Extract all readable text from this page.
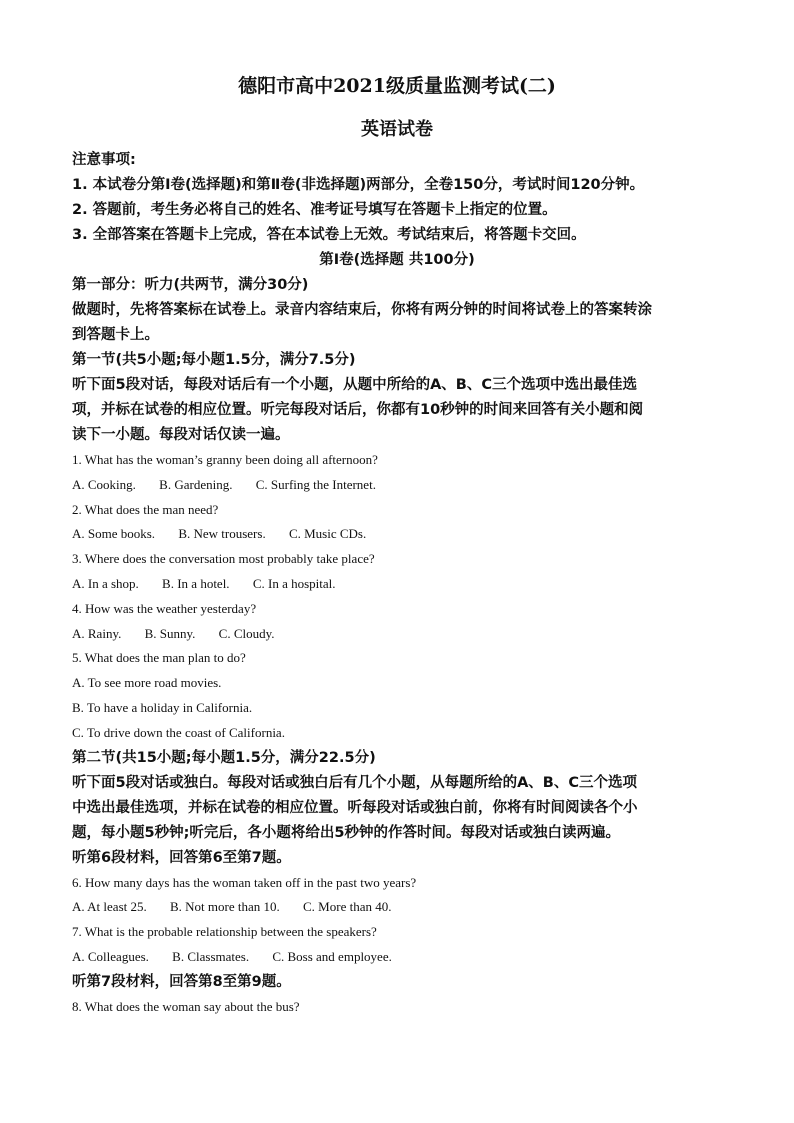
德阳市高中2021级质量监测考试(二)
英语试卷

注意事项:

1. 本试卷分第Ⅰ卷(选择题)和第Ⅱ卷(非选择题)两部分，全卷150分，考试时间120分钟。

2. 答题前，考生务必将自己的姓名、准考证号填写在答题卡上指定的位置。

3. 全部答案在答题卡上完成，答在本试卷上无效。考试结束后，将答题卡交回。

第Ⅰ卷(选择题 共100分)

第一部分：听力(共两节，满分30分)

做题时，先将答案标在试卷上。录音内容结束后，你将有两分钟的时间将试卷上的答案转涂

到答题卡上。

第一节(共5小题;每小题1.5分，满分7.5分)

听下面5段对话，每段对话后有一个小题，从题中所给的A、B、C三个选项中选出最佳选

项，并标在试卷的相应位置。听完每段对话后，你都有10秒钟的时间来回答有关小题和阅

读下一小题。每段对话仅读一遍。

1. What has the woman’s granny been doing all afternoon?

A. Cooking. B. Gardening. C. Surfing the Internet.

2. What does the man need?

A. Some books. B. New trousers. C. Music CDs.

3. Where does the conversation most probably take place?

A. In a shop. B. In a hotel. C. In a hospital.

4. How was the weather yesterday?

A. Rainy. B. Sunny. C. Cloudy.

5. What does the man plan to do?

A. To see more road movies.

B. To have a holiday in California.

C. To drive down the coast of California.

第二节(共15小题;每小题1.5分，满分22.5分)

听下面5段对话或独白。每段对话或独白后有几个小题，从每题所给的A、B、C三个选项

中选出最佳选项，并标在试卷的相应位置。听每段对话或独白前，你将有时间阅读各个小

题，每小题5秒钟;听完后，各小题将给出5秒钟的作答时间。每段对话或独白读两遍。

听第6段材料，回答第6至第7题。

6. How many days has the woman taken off in the past two years?

A. At least 25. B. Not more than 10. C. More than 40.

7. What is the probable relationship between the speakers?

A. Colleagues. B. Classmates. C. Boss and employee.

听第7段材料，回答第8至第9题。

8. What does the woman say about the bus?
